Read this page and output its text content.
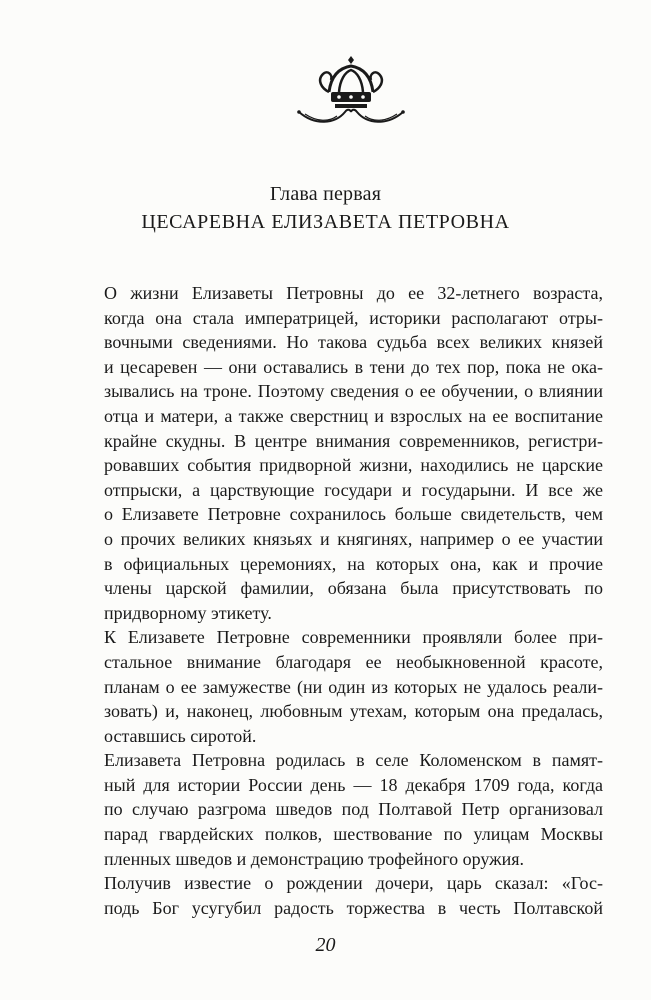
Глава первая
ЦЕСАРЕВНА ЕЛИЗАВЕТА ПЕТРОВНА

О жизни Елизаветы Петровны до ее 32-летнего возраста,
когда она стала императрицей, историки располагают отры-
вочными сведениями. Но такова судьба всех великих князей
и цесаревен — они оставались в тени до тех пор, пока не ока-
зывались на троне. Поэтому сведения о ее обучении, о влиянии
отца и матери, а также сверстниц и взрослых на ее воспитание
крайне скудны. В центре внимания современников, регистри-
ровавших события придворной жизни, находились не царские
отпрыски, а царствующие государи и государыни. И все же
о Елизавете Петровне сохранилось больше свидетельств, чем
о прочих великих князьях и княгинях, например о ее участии
в официальных церемониях, на которых она, как и прочие
члены царской фамилии, обязана была присутствовать по
придворному этикету.

К Елизавете Петровне современники проявляли более при-
стальное внимание благодаря ее необыкновенной красоте,
планам о ее замужестве (ни один из которых не удалось реали-
зовать) и, наконец, любовным утехам, которым она предалась,
оставшись сиротой.

Елизавета Петровна родилась в селе Коломенском в памят-
ный для истории России день — 18 декабря 1709 года, когда
по случаю разгрома шведов под Полтавой Петр организовал
парад гвардейских полков, шествование по улицам Москвы
пленных шведов и демонстрацию трофейного оружия.

Получив известие о рождении дочери, царь сказал: «Гос-
подь Бог усугубил радость торжества в честь Полтавской

20
